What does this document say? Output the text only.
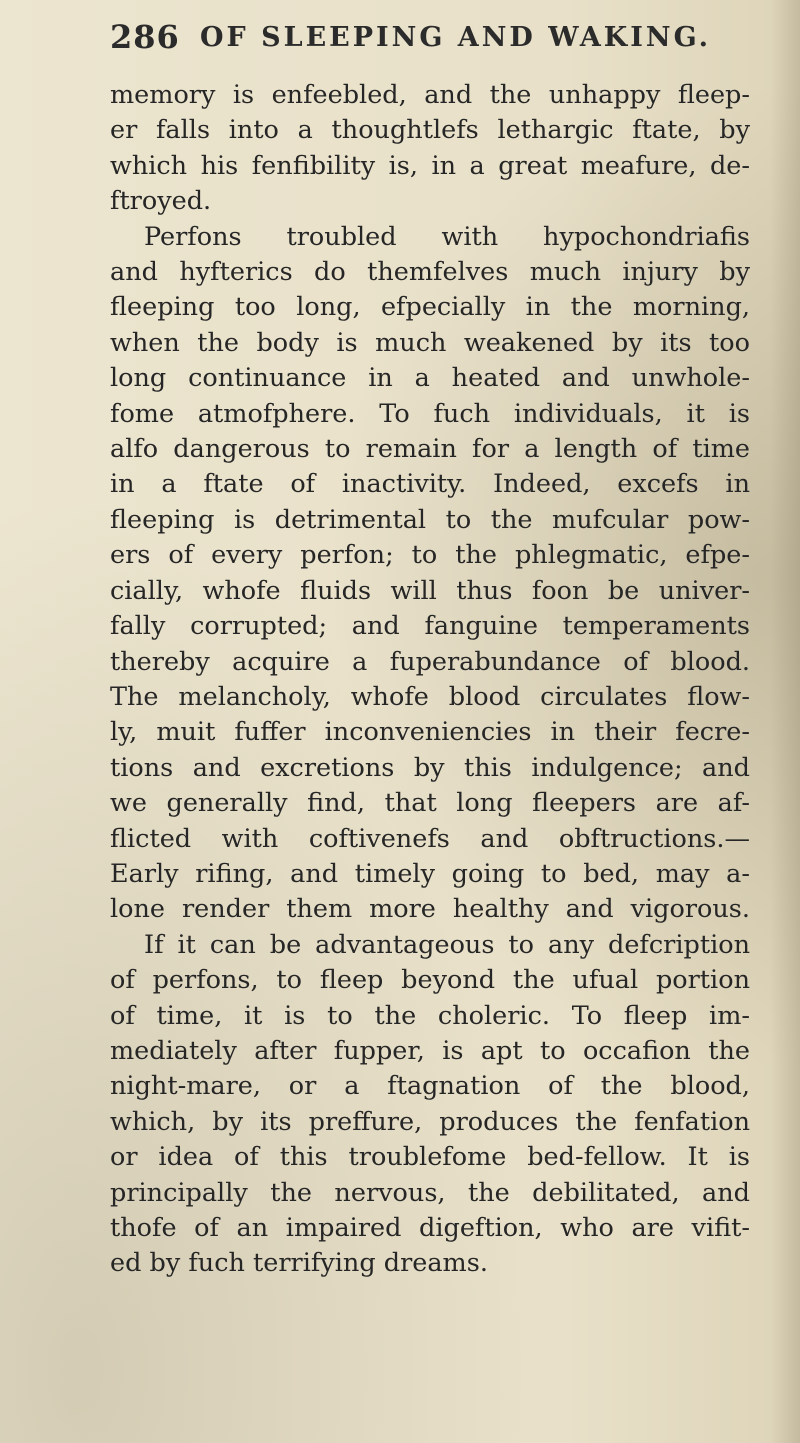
286 OF SLEEPING AND WAKING.
memory is enfeebled, and the unhappy fleep-
er falls into a thoughtlefs lethargic ftate, by
which his fenfibility is, in a great meafure, de-
ftroyed.
Perfons troubled with hypochondriafis
and hyfterics do themfelves much injury by
fleeping too long, efpecially in the morning,
when the body is much weakened by its too
long continuance in a heated and unwhole-
fome atmofphere. To fuch individuals, it is
alfo dangerous to remain for a length of time
in a ftate of inactivity. Indeed, excefs in
fleeping is detrimental to the mufcular pow-
ers of every perfon; to the phlegmatic, efpe-
cially, whofe fluids will thus foon be univer-
fally corrupted; and fanguine temperaments
thereby acquire a fuperabundance of blood.
The melancholy, whofe blood circulates flow-
ly, muit fuffer inconveniencies in their fecre-
tions and excretions by this indulgence; and
we generally find, that long fleepers are af-
flicted with coftivenefs and obftructions.—
Early rifing, and timely going to bed, may a-
lone render them more healthy and vigorous.
If it can be advantageous to any defcription
of perfons, to fleep beyond the ufual portion
of time, it is to the choleric. To fleep im-
mediately after fupper, is apt to occafion the
night-mare, or a ftagnation of the blood,
which, by its preffure, produces the fenfation
or idea of this troublefome bed-fellow. It is
principally the nervous, the debilitated, and
thofe of an impaired digeftion, who are vifit-
ed by fuch terrifying dreams.
